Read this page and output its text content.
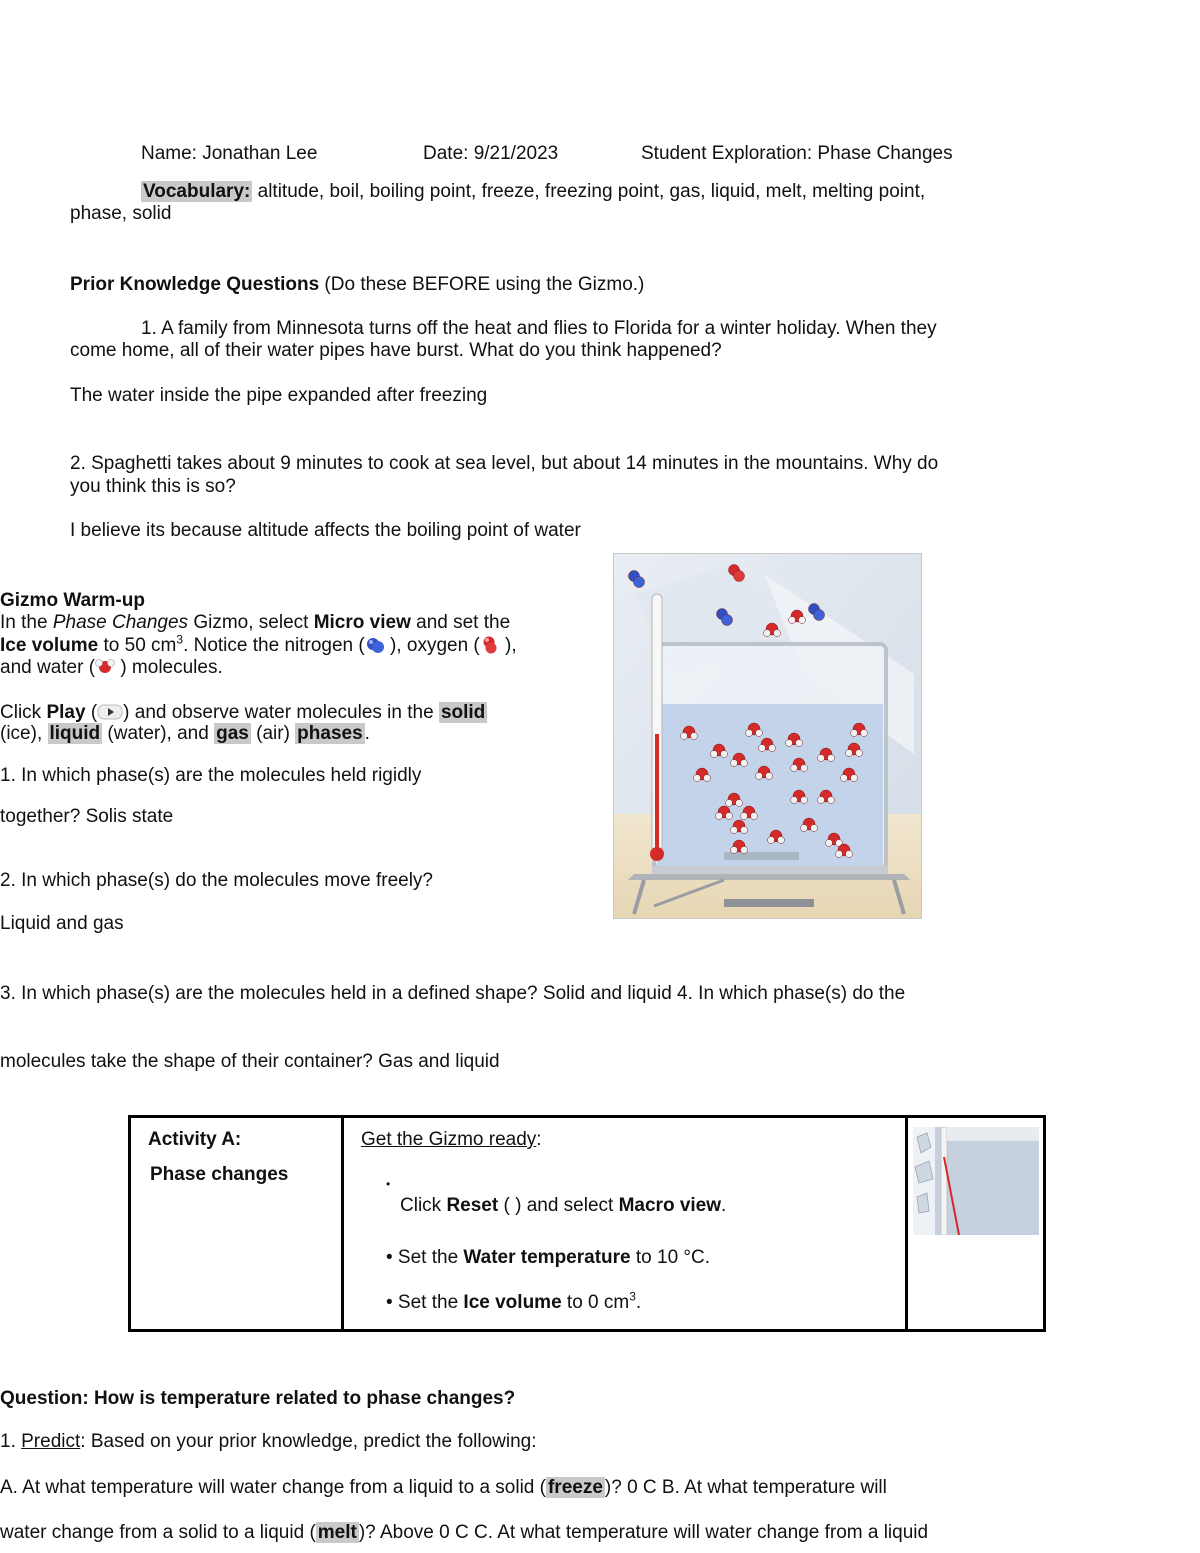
Name: Jonathan Lee	Date: 9/21/2023	Student Exploration: Phase Changes
Vocabulary: altitude, boil, boiling point, freeze, freezing point, gas, liquid, melt, melting point,
phase, solid
Prior Knowledge Questions (Do these BEFORE using the Gizmo.)
1. A family from Minnesota turns off the heat and flies to Florida for a winter holiday. When they
come home, all of their water pipes have burst. What do you think happened?
The water inside the pipe expanded after freezing
2. Spaghetti takes about 9 minutes to cook at sea level, but about 14 minutes in the mountains. Why do
you think this is so?
I believe its because altitude affects the boiling point of water
Gizmo Warm-up
In the Phase Changes Gizmo, select Micro view and set the
Ice volume to 50 $cm^3$. Notice the nitrogen ( ), oxygen ( ),
and water ( ) molecules.
Click Play ( ) and observe water molecules in the solid
(ice), liquid (water), and gas (air) phases .
1. In which phase(s) are the molecules held rigidly
together? Solis state
2. In which phase(s) do the molecules move freely?
Liquid and gas
3. In which phase(s) are the molecules held in a defined shape? Solid and liquid 4. In which phase(s) do the
molecules take the shape of their container? Gas and liquid
Activity A:
Phase changes
Get the Gizmo ready:
•
Click Reset ( ) and select Macro view.
• Set the Water temperature to 10 °C.
• Set the Ice volume to 0 $cm^3$.
Question: How is temperature related to phase changes?
1. Predict: Based on your prior knowledge, predict the following:
A. At what temperature will water change from a liquid to a solid ( freeze )? 0 C B. At what temperature will
water change from a solid to a liquid ( melt )? Above 0 C C. At what temperature will water change from a liquid
